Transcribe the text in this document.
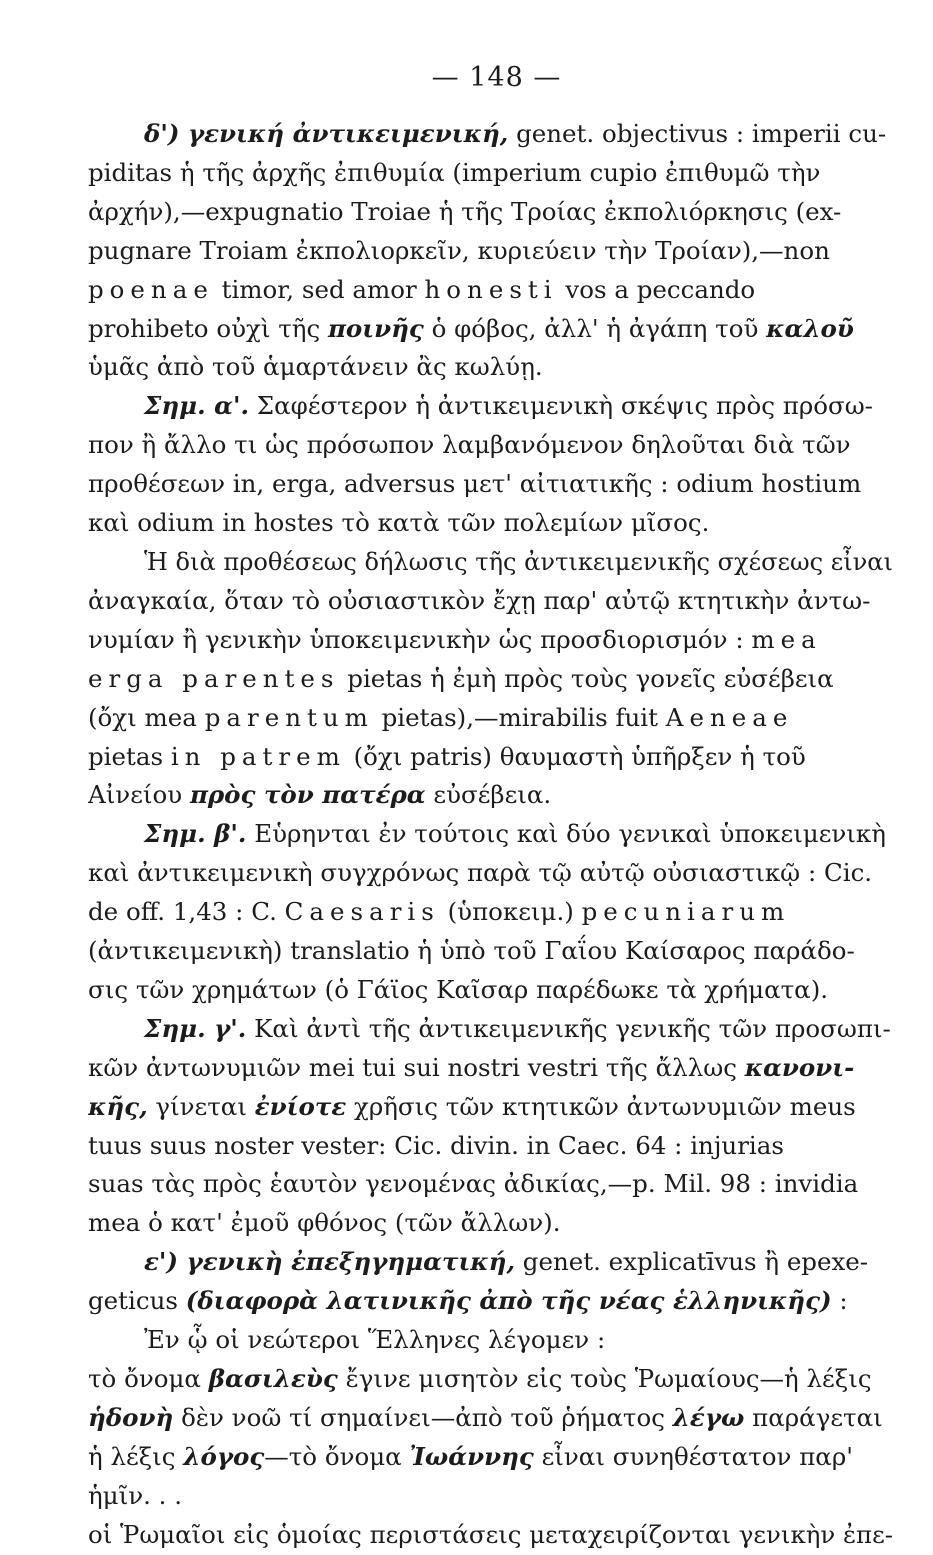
— 148 —
δ') γενική ἀντικειμενική, genet. objectivus : imperii cu-
piditas ἡ τῆς ἀρχῆς ἐπιθυμία (imperium cupio ἐπιθυμῶ τὴν
ἀρχήν),—expugnatio Troiae ἡ τῆς Τροίας ἐκπολιόρκησις (ex-
pugnare Troiam ἐκπολιορκεῖν, κυριεύειν τὴν Τροίαν),—non
poenae timor, sed amor honesti vos a peccando
prohibeto οὐχὶ τῆς ποινῆς ὁ φόβος, ἀλλ' ἡ ἀγάπη τοῦ καλοῦ
ὑμᾶς ἀπὸ τοῦ ἁμαρτάνειν ἂς κωλύῃ.
Σημ. α'. Σαφέστερον ἡ ἀντικειμενικὴ σκέψις πρὸς πρόσω-
πον ἢ ἄλλο τι ὡς πρόσωπον λαμβανόμενον δηλοῦται διὰ τῶν
προθέσεων in, erga, adversus μετ' αἰτιατικῆς : odium hostium
καὶ odium in hostes τὸ κατὰ τῶν πολεμίων μῖσος.
Ἡ διὰ προθέσεως δήλωσις τῆς ἀντικειμενικῆς σχέσεως εἶναι
ἀναγκαία, ὅταν τὸ οὐσιαστικὸν ἔχῃ παρ' αὐτῷ κτητικὴν ἀντω-
νυμίαν ἢ γενικὴν ὑποκειμενικὴν ὡς προσδιορισμόν : mea
erga parentes pietas ἡ ἐμὴ πρὸς τοὺς γονεῖς εὐσέβεια
(ὄχι mea parentum pietas),—mirabilis fuit Aeneae
pietas in patrem (ὄχι patris) θαυμαστὴ ὑπῆρξεν ἡ τοῦ
Αἰνείου πρὸς τὸν πατέρα εὐσέβεια.
Σημ. β'. Εὑρηνται ἐν τούτοις καὶ δύο γενικαὶ ὑποκειμενικὴ
καὶ ἀντικειμενικὴ συγχρόνως παρὰ τῷ αὐτῷ οὐσιαστικῷ : Cic.
de off. 1,43 : C. Caesaris (ὑποκειμ.) pecuniarum
(ἀντικειμενικὴ) translatio ἡ ὑπὸ τοῦ Γαΐου Καίσαρος παράδο-
σις τῶν χρημάτων (ὁ Γάϊος Καῖσαρ παρέδωκε τὰ χρήματα).
Σημ. γ'. Καὶ ἀντὶ τῆς ἀντικειμενικῆς γενικῆς τῶν προσωπι-
κῶν ἀντωνυμιῶν mei tui sui nostri vestri τῆς ἄλλως κανονι-
κῆς, γίνεται ἐνίοτε χρῆσις τῶν κτητικῶν ἀντωνυμιῶν meus
tuus suus noster vester: Cic. divin. in Caec. 64 : injurias
suas τὰς πρὸς ἑαυτὸν γενομένας ἀδικίας,—p. Mil. 98 : invidia
mea ὁ κατ' ἐμοῦ φθόνος (τῶν ἄλλων).
ε') γενικὴ ἐπεξηγηματική, genet. explicatīvus ἢ epexe-
geticus (διαφορὰ λατινικῆς ἀπὸ τῆς νέας ἑλληνικῆς) :
Ἐν ᾧ οἱ νεώτεροι Ἕλληνες λέγομεν :
τὸ ὄνομα βασιλεὺς ἔγινε μισητὸν εἰς τοὺς Ῥωμαίους—ἡ λέξις
ἡδονὴ δὲν νοῶ τί σημαίνει—ἀπὸ τοῦ ῥήματος λέγω παράγεται
ἡ λέξις λόγος—τὸ ὄνομα Ἰωάννης εἶναι συνηθέστατον παρ'
ἡμῖν. . .
οἱ Ῥωμαῖοι εἰς ὁμοίας περιστάσεις μεταχειρίζονται γενικὴν ἐπε-
